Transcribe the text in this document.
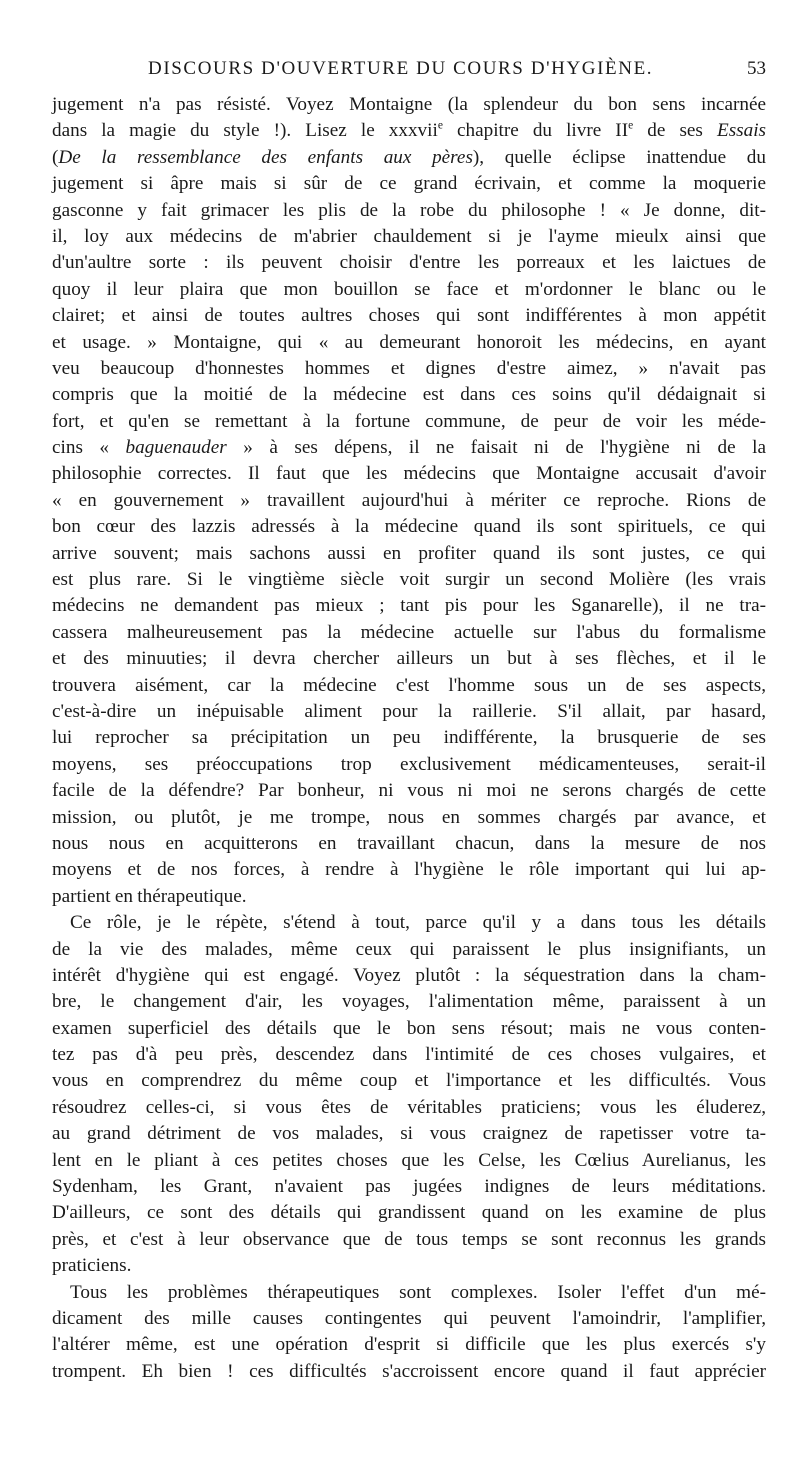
DISCOURS D'OUVERTURE DU COURS D'HYGIÈNE.	53
jugement n'a pas résisté. Voyez Montaigne (la splendeur du bon sens incarnée
dans la magie du style !). Lisez le xxxvii$^e$ chapitre du livre IIe de ses Essais
(De la ressemblance des enfants aux pères), quelle éclipse inattendue du
jugement si âpre mais si sûr de ce grand écrivain, et comme la moquerie
gasconne y fait grimacer les plis de la robe du philosophe ! « Je donne, dit-
il, loy aux médecins de m'abrier chauldement si je l'ayme mieulx ainsi que
d'un'aultre sorte : ils peuvent choisir d'entre les porreaux et les laictues de
quoy il leur plaira que mon bouillon se face et m'ordonner le blanc ou le
clairet; et ainsi de toutes aultres choses qui sont indifférentes à mon appétit
et usage. » Montaigne, qui « au demeurant honoroit les médecins, en ayant
veu beaucoup d'honnestes hommes et dignes d'estre aimez, » n'avait pas
compris que la moitié de la médecine est dans ces soins qu'il dédaignait si
fort, et qu'en se remettant à la fortune commune, de peur de voir les méde-
cins « baguenauder » à ses dépens, il ne faisait ni de l'hygiène ni de la
philosophie correctes. Il faut que les médecins que Montaigne accusait d'avoir
« en gouvernement » travaillent aujourd'hui à mériter ce reproche. Rions de
bon cœur des lazzis adressés à la médecine quand ils sont spirituels, ce qui
arrive souvent; mais sachons aussi en profiter quand ils sont justes, ce qui
est plus rare. Si le vingtième siècle voit surgir un second Molière (les vrais
médecins ne demandent pas mieux ; tant pis pour les Sganarelle), il ne tra-
cassera malheureusement pas la médecine actuelle sur l'abus du formalisme
et des minuuties; il devra chercher ailleurs un but à ses flèches, et il le
trouvera aisément, car la médecine c'est l'homme sous un de ses aspects,
c'est-à-dire un inépuisable aliment pour la raillerie. S'il allait, par hasard,
lui reprocher sa précipitation un peu indifférente, la brusquerie de ses
moyens, ses préoccupations trop exclusivement médicamenteuses, serait-il
facile de la défendre? Par bonheur, ni vous ni moi ne serons chargés de cette
mission, ou plutôt, je me trompe, nous en sommes chargés par avance, et
nous nous en acquitterons en travaillant chacun, dans la mesure de nos
moyens et de nos forces, à rendre à l'hygiène le rôle important qui lui ap-
partient en thérapeutique.
Ce rôle, je le répète, s'étend à tout, parce qu'il y a dans tous les détails
de la vie des malades, même ceux qui paraissent le plus insignifiants, un
intérêt d'hygiène qui est engagé. Voyez plutôt : la séquestration dans la cham-
bre, le changement d'air, les voyages, l'alimentation même, paraissent à un
examen superficiel des détails que le bon sens résout; mais ne vous conten-
tez pas d'à peu près, descendez dans l'intimité de ces choses vulgaires, et
vous en comprendrez du même coup et l'importance et les difficultés. Vous
résoudrez celles-ci, si vous êtes de véritables praticiens; vous les éluderez,
au grand détriment de vos malades, si vous craignez de rapetisser votre ta-
lent en le pliant à ces petites choses que les Celse, les Cœlius Aurelianus, les
Sydenham, les Grant, n'avaient pas jugées indignes de leurs méditations.
D'ailleurs, ce sont des détails qui grandissent quand on les examine de plus
près, et c'est à leur observance que de tous temps se sont reconnus les grands
praticiens.
Tous les problèmes thérapeutiques sont complexes. Isoler l'effet d'un mé-
dicament des mille causes contingentes qui peuvent l'amoindrir, l'amplifier,
l'altérer même, est une opération d'esprit si difficile que les plus exercés s'y
trompent. Eh bien ! ces difficultés s'accroissent encore quand il faut apprécier
